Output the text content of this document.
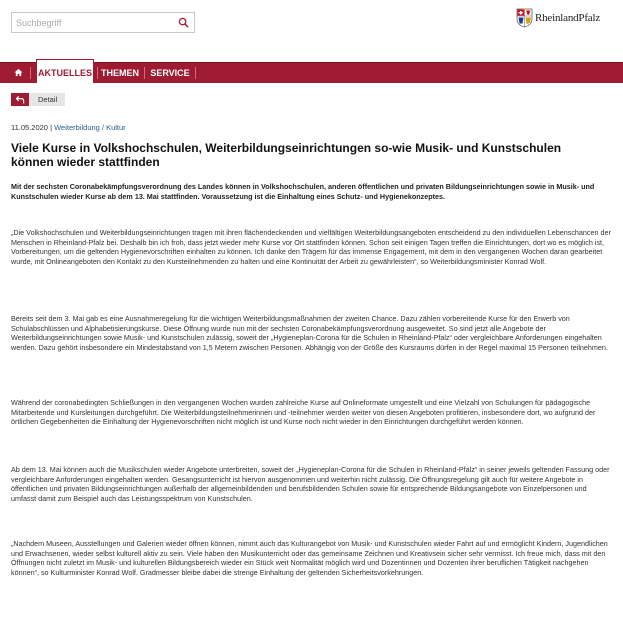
Suchbegriff
RheinlandPfalz
AKTUELLES THEMEN SERVICE
Detail
11.05.2020 | Weiterbildung / Kultur
Viele Kurse in Volkshochschulen, Weiterbildungseinrichtungen so-wie Musik- und Kunstschulen können wieder stattfinden

Mit der sechsten Coronabekämpfungsverordnung des Landes können in Volkshochschulen, anderen öffentlichen und privaten Bildungseinrichtungen sowie in Musik- und Kunstschulen wieder Kurse ab dem 13. Mai stattfinden. Voraussetzung ist die Einhaltung eines Schutz- und Hygienekonzeptes.

„Die Volkshochschulen und Weiterbildungseinrichtungen tragen mit ihren flächendeckenden und vielfältigen Weiterbildungsangeboten entscheidend zu den individuellen Lebenschancen der Menschen in Rheinland-Pfalz bei. Deshalb bin ich froh, dass jetzt wieder mehr Kurse vor Ort stattfinden können. Schon seit einigen Tagen treffen die Einrichtungen, dort wo es möglich ist, Vorbereitungen, um die geltenden Hygienevorschriften einhalten zu können. Ich danke den Trägern für das immense Engagement, mit dem in den vergangenen Wochen daran gearbeitet wurde, mit Onlineangeboten den Kontakt zu den Kursteilnehmenden zu halten und eine Kontinuität der Arbeit zu gewährleisten“, so Weiterbildungsminister Konrad Wolf.

Bereits seit dem 3. Mai gab es eine Ausnahmeregelung für die wichtigen Weiterbildungsmaßnahmen der zweiten Chance. Dazu zählen vorbereitende Kurse für den Erwerb von Schulabschlüssen und Alphabetisierungskurse. Diese Öffnung wurde nun mit der sechsten Coronabekämpfungsverordnung ausgeweitet. So sind jetzt alle Angebote der Weiterbildungseinrichtungen sowie Musik- und Kunstschulen zulässig, soweit der „Hygieneplan-Corona für die Schulen in Rheinland-Pfalz“ oder vergleichbare Anforderungen eingehalten werden. Dazu gehört insbesondere ein Mindestabstand von 1,5 Metern zwischen Personen. Abhängig von der Größe des Kursraums dürfen in der Regel maximal 15 Personen teilnehmen.

Während der coronabedingten Schließungen in den vergangenen Wochen wurden zahlreiche Kurse auf Onlineformate umgestellt und eine Vielzahl von Schulungen für pädagogische Mitarbeitende und Kursleitungen durchgeführt. Die Weiterbildungsteilnehmerinnen und -teilnehmer werden weiter von diesen Angeboten profitieren, insbesondere dort, wo aufgrund der örtlichen Gegebenheiten die Einhaltung der Hygienevorschriften nicht möglich ist und Kurse noch nicht wieder in den Einrichtungen durchgeführt werden können.

Ab dem 13. Mai können auch die Musikschulen wieder Angebote unterbreiten, soweit der „Hygieneplan-Corona für die Schulen in Rheinland-Pfalz“ in seiner jeweils geltenden Fassung oder vergleichbare Anforderungen eingehalten werden. Gesangsunterricht ist hiervon ausgenommen und weiterhin nicht zulässig. Die Öffnungsregelung gilt auch für weitere Angebote in öffentlichen und privaten Bildungseinrichtungen außerhalb der allgemeinbildenden und berufsbildenden Schulen sowie für entsprechende Bildungsangebote von Einzelpersonen und umfasst damit zum Beispiel auch das Leistungsspektrum von Kunstschulen.

„Nachdem Museen, Ausstellungen und Galerien wieder öffnen können, nimmt auch das Kulturangebot von Musik- und Kunstschulen wieder Fahrt auf und ermöglicht Kindern, Jugendlichen und Erwachsenen, wieder selbst kulturell aktiv zu sein. Viele haben den Musikunterricht oder das gemeinsame Zeichnen und Kreativsein sicher sehr vermisst. Ich freue mich, dass mit den Öffnungen nicht zuletzt im Musik- und kulturellen Bildungsbereich wieder ein Stück weit Normalität möglich wird und Dozentinnen und Dozenten ihrer beruflichen Tätigkeit nachgehen können“, so Kulturminister Konrad Wolf. Gradmesser bleibe dabei die strenge Einhaltung der geltenden Sicherheitsvorkehrungen.
